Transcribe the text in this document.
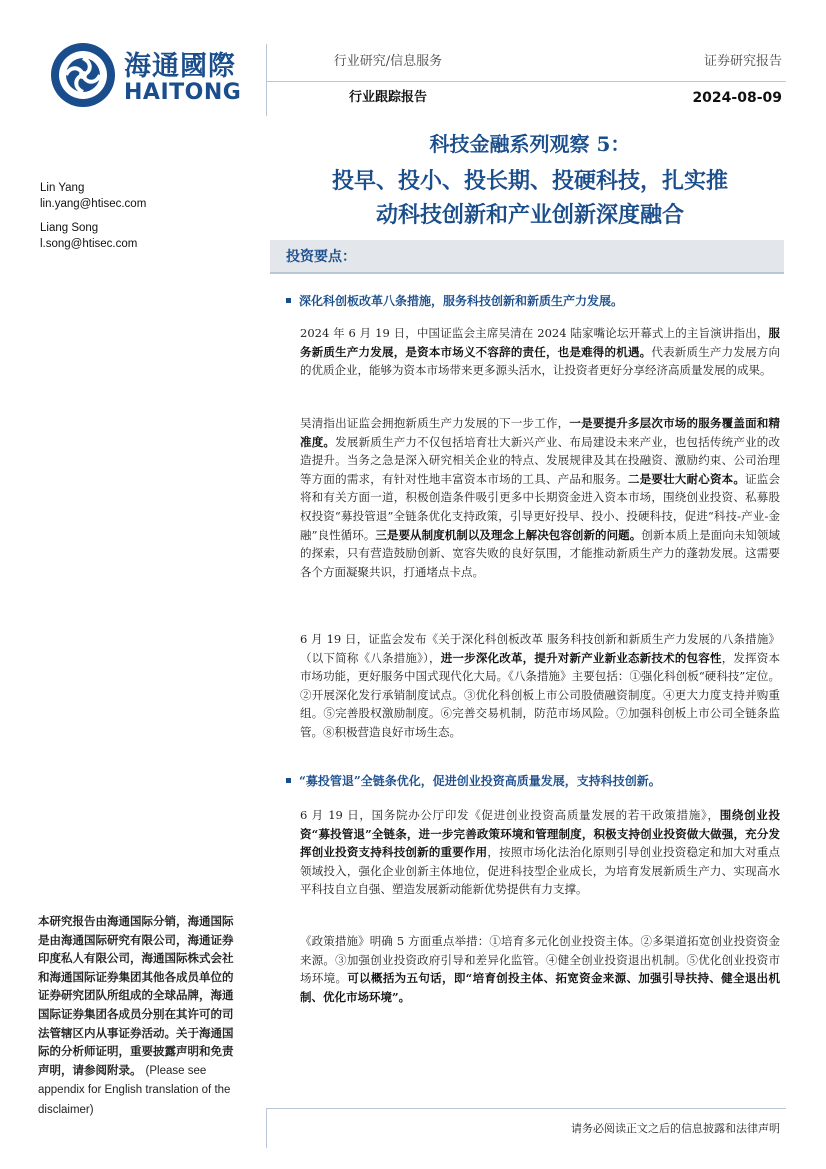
海通國際
HAITONG
行业研究/信息服务
行业跟踪报告
证券研究报告
2024-08-09
科技金融系列观察 5：
投早、投小、投长期、投硬科技，扎实推
动科技创新和产业创新深度融合
Lin Yang
lin.yang@htisec.com
Liang Song
l.song@htisec.com
投资要点：
深化科创板改革八条措施，服务科技创新和新质生产力发展。
2024 年 6 月 19 日，中国证监会主席吴清在 2024 陆家嘴论坛开幕式上的主旨演讲指出，服务新质生产力发展，是资本市场义不容辞的责任，也是难得的机遇。代表新质生产力发展方向的优质企业，能够为资本市场带来更多源头活水，让投资者更好分享经济高质量发展的成果。
吴清指出证监会拥抱新质生产力发展的下一步工作，一是要提升多层次市场的服务覆盖面和精准度。发展新质生产力不仅包括培育壮大新兴产业、布局建设未来产业，也包括传统产业的改造提升。当务之急是深入研究相关企业的特点、发展规律及其在投融资、激励约束、公司治理等方面的需求，有针对性地丰富资本市场的工具、产品和服务。二是要壮大耐心资本。证监会将和有关方面一道，积极创造条件吸引更多中长期资金进入资本市场，围绕创业投资、私募股权投资“募投管退”全链条优化支持政策，引导更好投早、投小、投硬科技，促进“科技-产业-金融”良性循环。三是要从制度机制以及理念上解决包容创新的问题。创新本质上是面向未知领域的探索，只有营造鼓励创新、宽容失败的良好氛围，才能推动新质生产力的蓬勃发展。这需要各个方面凝聚共识，打通堵点卡点。
6 月 19 日，证监会发布《关于深化科创板改革 服务科技创新和新质生产力发展的八条措施》（以下简称《八条措施》），进一步深化改革，提升对新产业新业态新技术的包容性，发挥资本市场功能，更好服务中国式现代化大局。《八条措施》主要包括：①强化科创板“硬科技”定位。②开展深化发行承销制度试点。③优化科创板上市公司股债融资制度。④更大力度支持并购重组。⑤完善股权激励制度。⑥完善交易机制，防范市场风险。⑦加强科创板上市公司全链条监管。⑧积极营造良好市场生态。
“募投管退”全链条优化，促进创业投资高质量发展，支持科技创新。
6 月 19 日，国务院办公厅印发《促进创业投资高质量发展的若干政策措施》，围绕创业投资“募投管退”全链条，进一步完善政策环境和管理制度，积极支持创业投资做大做强，充分发挥创业投资支持科技创新的重要作用，按照市场化法治化原则引导创业投资稳定和加大对重点领域投入，强化企业创新主体地位，促进科技型企业成长，为培育发展新质生产力、实现高水平科技自立自强、塑造发展新动能新优势提供有力支撑。
《政策措施》明确 5 方面重点举措：①培育多元化创业投资主体。②多渠道拓宽创业投资资金来源。③加强创业投资政府引导和差异化监管。④健全创业投资退出机制。⑤优化创业投资市场环境。可以概括为五句话，即“培育创投主体、拓宽资金来源、加强引导扶持、健全退出机制、优化市场环境”。
本研究报告由海通国际分销，海通国际是由海通国际研究有限公司，海通证券印度私人有限公司，海通国际株式会社和海通国际证券集团其他各成员单位的证券研究团队所组成的全球品牌，海通国际证券集团各成员分别在其许可的司法管辖区内从事证券活动。关于海通国际的分析师证明，重要披露声明和免责声明，请参阅附录。 (Please see appendix for English translation of the disclaimer)
请务必阅读正文之后的信息披露和法律声明
